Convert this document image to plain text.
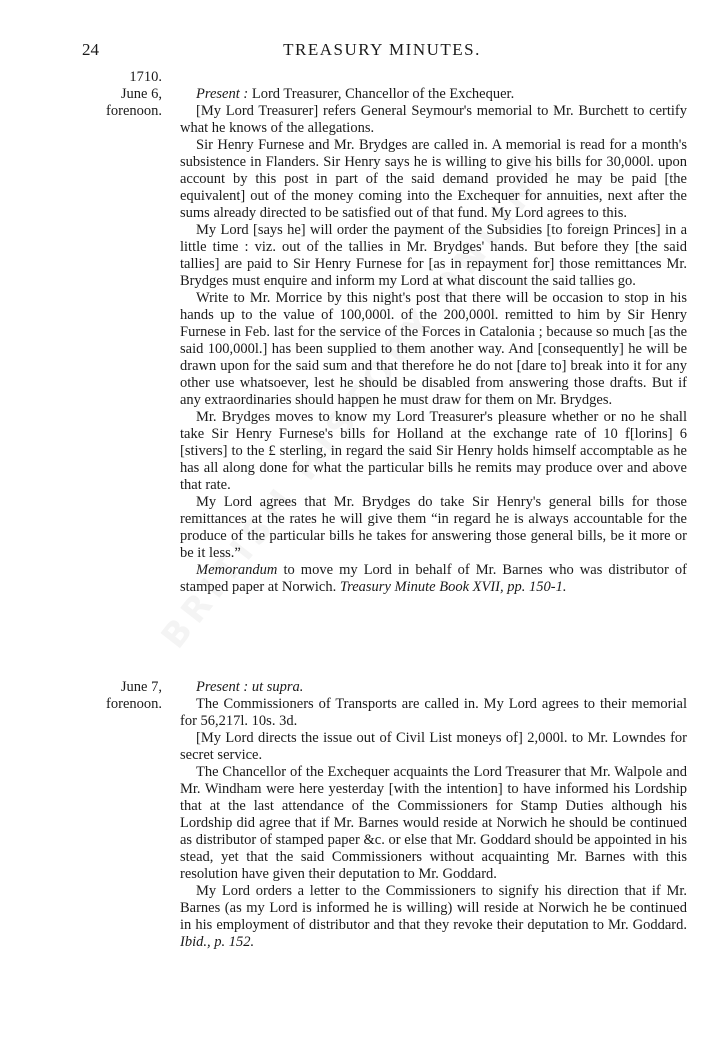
24	TREASURY MINUTES.
1710.
June 6,
forenoon.

Present : Lord Treasurer, Chancellor of the Exchequer.

[My Lord Treasurer] refers General Seymour's memorial to Mr. Burchett to certify what he knows of the allegations.

Sir Henry Furnese and Mr. Brydges are called in. A memorial is read for a month's subsistence in Flanders. Sir Henry says he is willing to give his bills for 30,000l. upon account by this post in part of the said demand provided he may be paid [the equivalent] out of the money coming into the Exchequer for annuities, next after the sums already directed to be satisfied out of that fund. My Lord agrees to this.

My Lord [says he] will order the payment of the Subsidies [to foreign Princes] in a little time : viz. out of the tallies in Mr. Brydges' hands. But before they [the said tallies] are paid to Sir Henry Furnese for [as in repayment for] those remittances Mr. Brydges must enquire and inform my Lord at what discount the said tallies go.

Write to Mr. Morrice by this night's post that there will be occasion to stop in his hands up to the value of 100,000l. of the 200,000l. remitted to him by Sir Henry Furnese in Feb. last for the service of the Forces in Catalonia ; because so much [as the said 100,000l.] has been supplied to them another way. And [consequently] he will be drawn upon for the said sum and that therefore he do not [dare to] break into it for any other use whatsoever, lest he should be disabled from answering those drafts. But if any extraordinaries should happen he must draw for them on Mr. Brydges.

Mr. Brydges moves to know my Lord Treasurer's pleasure whether or no he shall take Sir Henry Furnese's bills for Holland at the exchange rate of 10 f[lorins] 6 [stivers] to the £ sterling, in regard the said Sir Henry holds himself accomptable as he has all along done for what the particular bills he remits may produce over and above that rate.

My Lord agrees that Mr. Brydges do take Sir Henry's general bills for those remittances at the rates he will give them “in regard he is always accountable for the produce of the particular bills he takes for answering those general bills, be it more or be it less.”

Memorandum to move my Lord in behalf of Mr. Barnes who was distributor of stamped paper at Norwich. Treasury Minute Book XVII, pp. 150-1.

June 7,
forenoon.

Present : ut supra.

The Commissioners of Transports are called in. My Lord agrees to their memorial for 56,217l. 10s. 3d.

[My Lord directs the issue out of Civil List moneys of] 2,000l. to Mr. Lowndes for secret service.

The Chancellor of the Exchequer acquaints the Lord Treasurer that Mr. Walpole and Mr. Windham were here yesterday [with the intention] to have informed his Lordship that at the last attendance of the Commissioners for Stamp Duties although his Lordship did agree that if Mr. Barnes would reside at Norwich he should be continued as distributor of stamped paper &c. or else that Mr. Goddard should be appointed in his stead, yet that the said Commissioners without acquainting Mr. Barnes with this resolution have given their deputation to Mr. Goddard.

My Lord orders a letter to the Commissioners to signify his direction that if Mr. Barnes (as my Lord is informed he is willing) will reside at Norwich he be continued in his employment of distributor and that they revoke their deputation to Mr. Goddard. Ibid., p. 152.
